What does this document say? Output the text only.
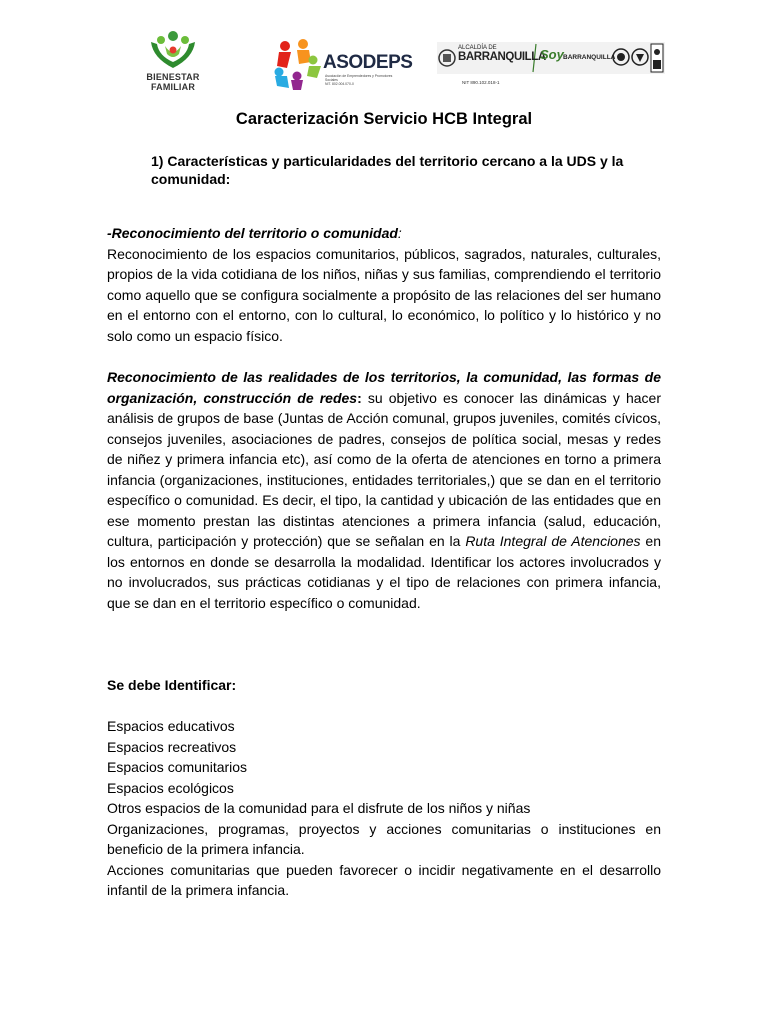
BIENESTAR
FAMILIAR
ASODEPS
Asociación de Emprendedores y Promotores Sociales
NIT. 802.004.070-0
ALCALDÍA DE
BARRANQUILLA
Soy BARRANQUILLA
NIT 890.102.018-1
Caracterización Servicio HCB Integral
1) Características y particularidades del territorio cercano a la UDS y la comunidad:
-Reconocimiento del territorio o comunidad:
Reconocimiento de los espacios comunitarios, públicos, sagrados, naturales, culturales, propios de la vida cotidiana de los niños, niñas y sus familias, comprendiendo el territorio como aquello que se configura socialmente a propósito de las relaciones del ser humano en el entorno con el entorno, con lo cultural, lo económico, lo político y lo histórico y no solo como un espacio físico.
Reconocimiento de las realidades de los territorios, la comunidad, las formas de organización, construcción de redes: su objetivo es conocer las dinámicas y hacer análisis de grupos de base (Juntas de Acción comunal, grupos juveniles, comités cívicos, consejos juveniles, asociaciones de padres, consejos de política social, mesas y redes de niñez y primera infancia etc), así como de la oferta de atenciones en torno a primera infancia (organizaciones, instituciones, entidades territoriales,) que se dan en el territorio específico o comunidad. Es decir, el tipo, la cantidad y ubicación de las entidades que en ese momento prestan las distintas atenciones a primera infancia (salud, educación, cultura, participación y protección) que se señalan en la Ruta Integral de Atenciones en los entornos en donde se desarrolla la modalidad. Identificar los actores involucrados y no involucrados, sus prácticas cotidianas y el tipo de relaciones con primera infancia, que se dan en el territorio específico o comunidad.
Se debe Identificar:
Espacios educativos
Espacios recreativos
Espacios comunitarios
Espacios ecológicos
Otros espacios de la comunidad para el disfrute de los niños y niñas
Organizaciones, programas, proyectos y acciones comunitarias o instituciones en beneficio de la primera infancia.
Acciones comunitarias que pueden favorecer o incidir negativamente en el desarrollo infantil de la primera infancia.
